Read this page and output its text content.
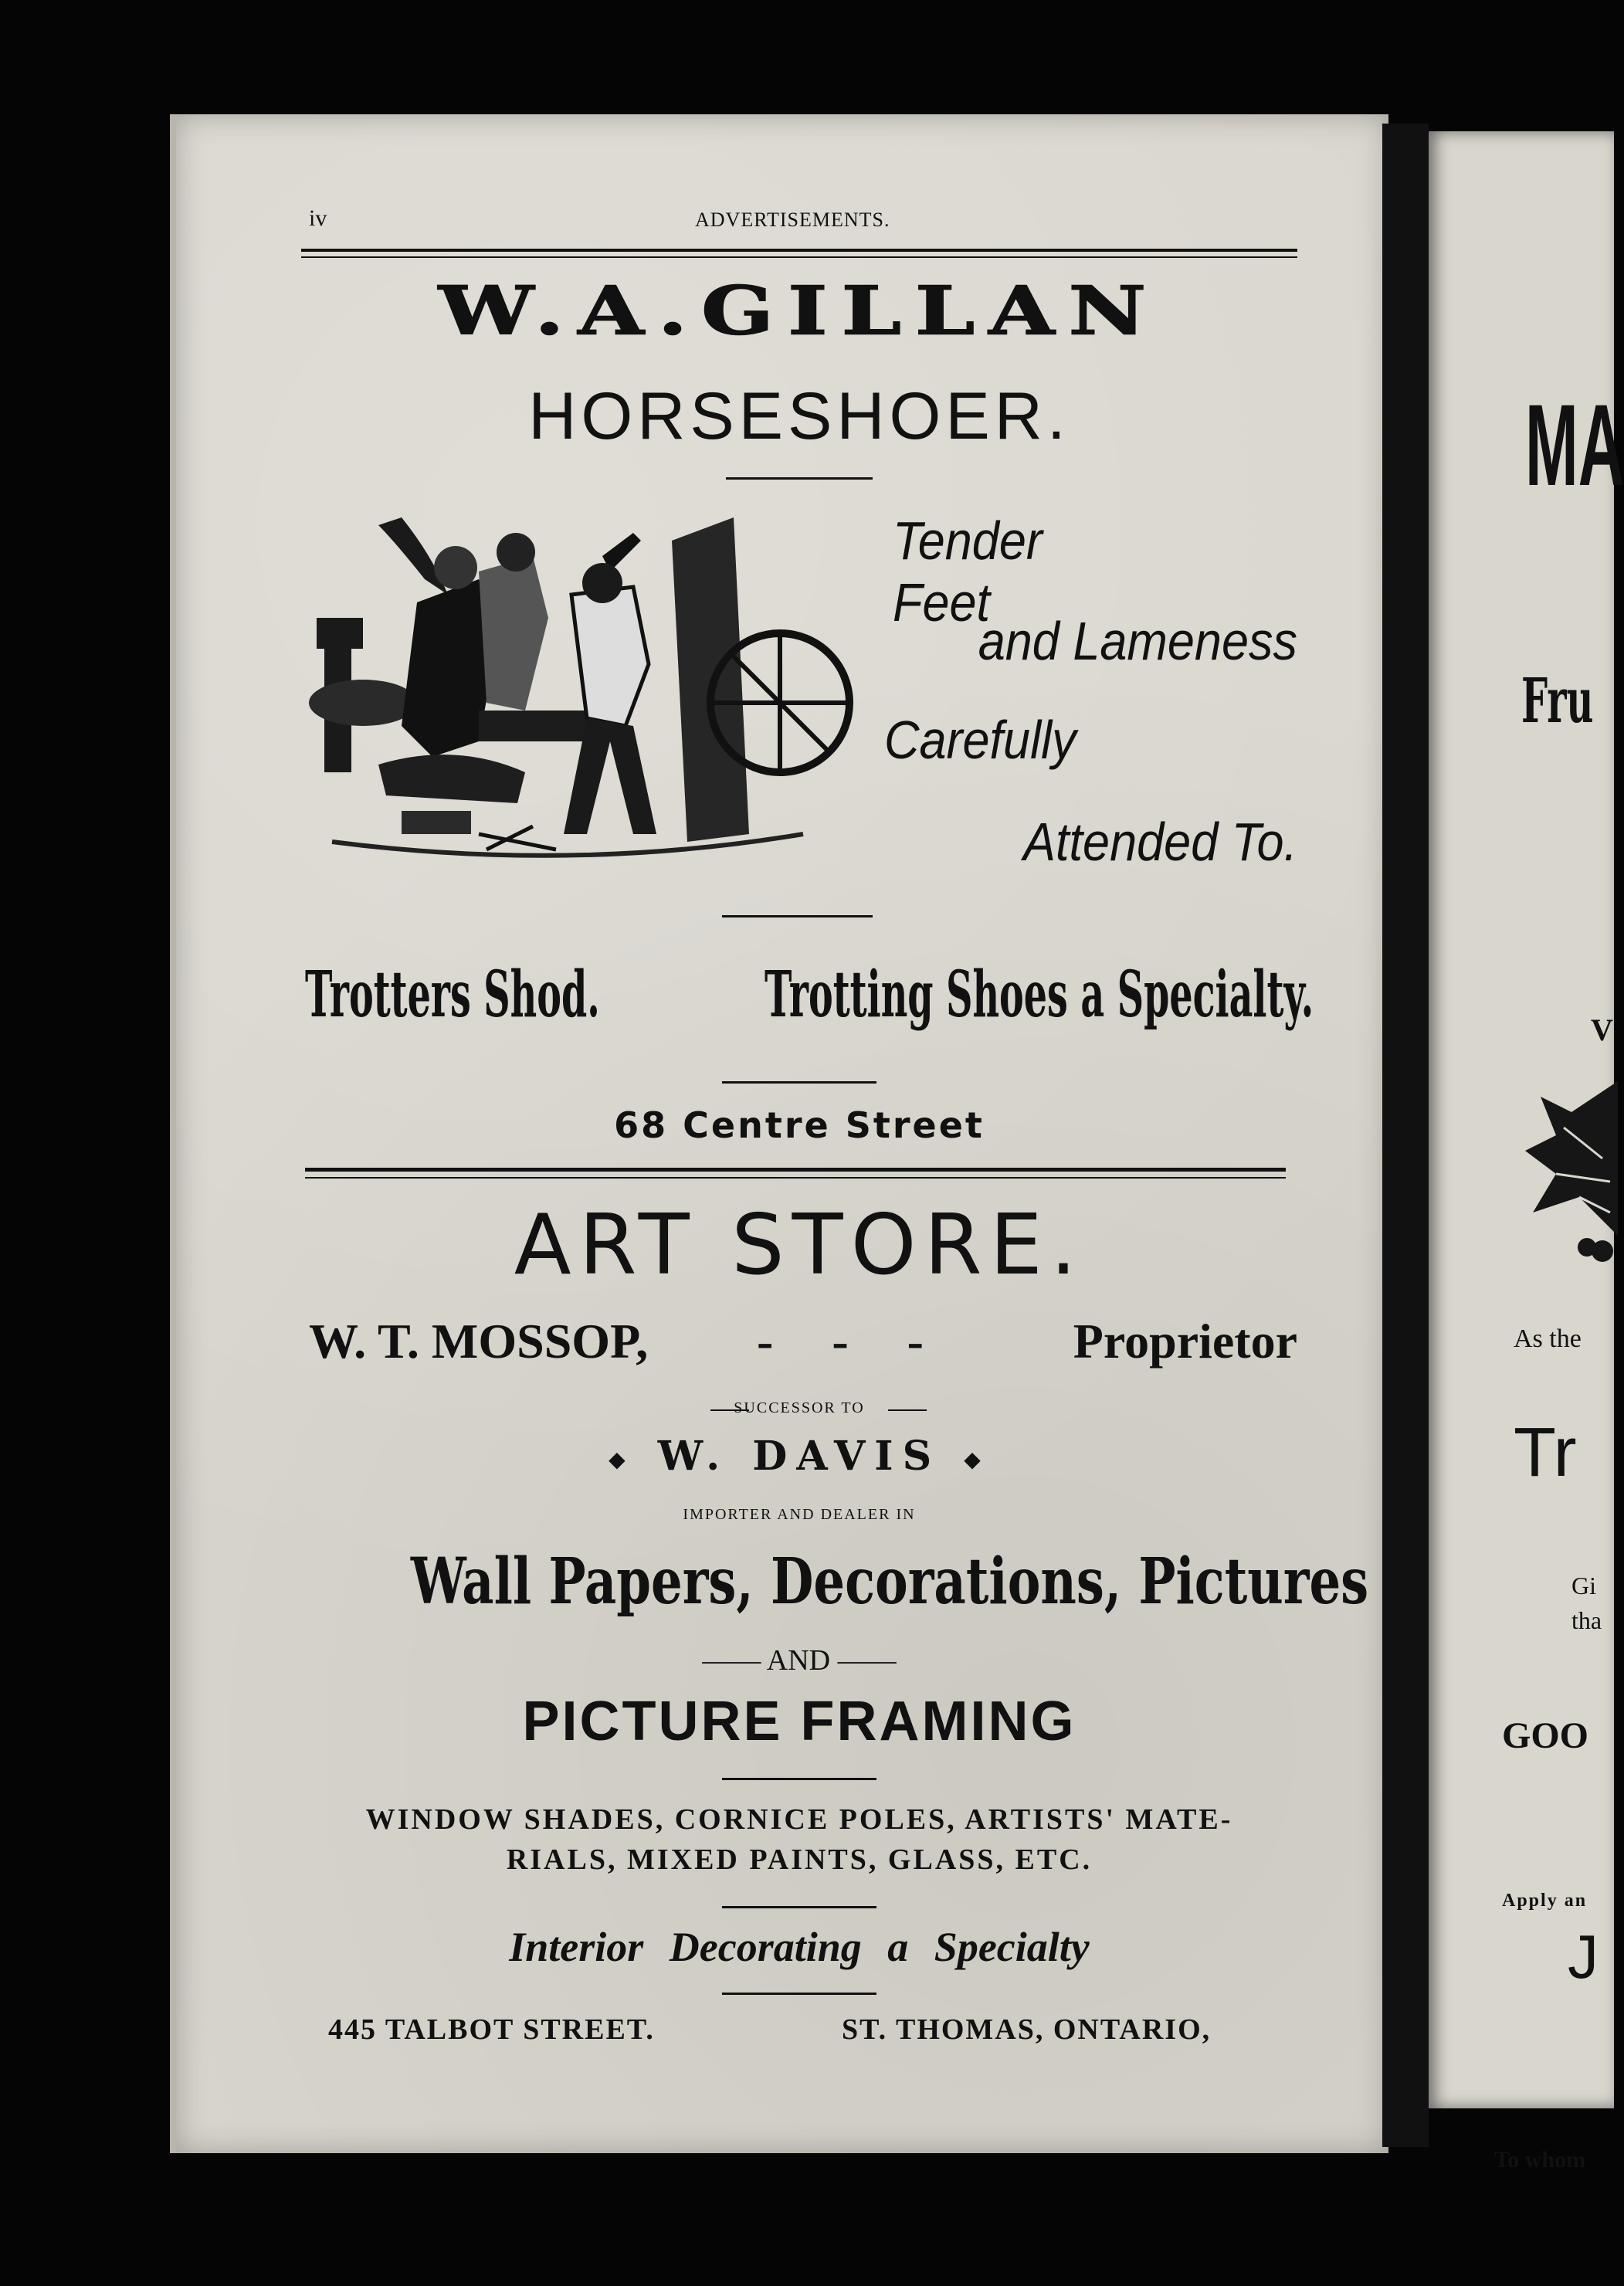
MA
Fru
V
As the
Tr
Gi
tha
GOO
Apply an
J
To whom
iv	ADVERTISEMENTS.
W.A.GILLAN
HORSESHOER.
Tender Feet
and Lameness
Carefully
Attended To.
Trotters Shod.	Trotting Shoes a Specialty.
68 Centre Street
ART STORE.
W. T. MOSSOP, - - -	Proprietor
SUCCESSOR TO
◆ W. DAVIS ◆
IMPORTER AND DEALER IN
Wall Papers, Decorations, Pictures
—— AND ——
PICTURE FRAMING
WINDOW SHADES, CORNICE POLES, ARTISTS' MATE-
RIALS, MIXED PAINTS, GLASS, ETC.
Interior Decorating a Specialty
445 TALBOT STREET.	ST. THOMAS, ONTARIO,
